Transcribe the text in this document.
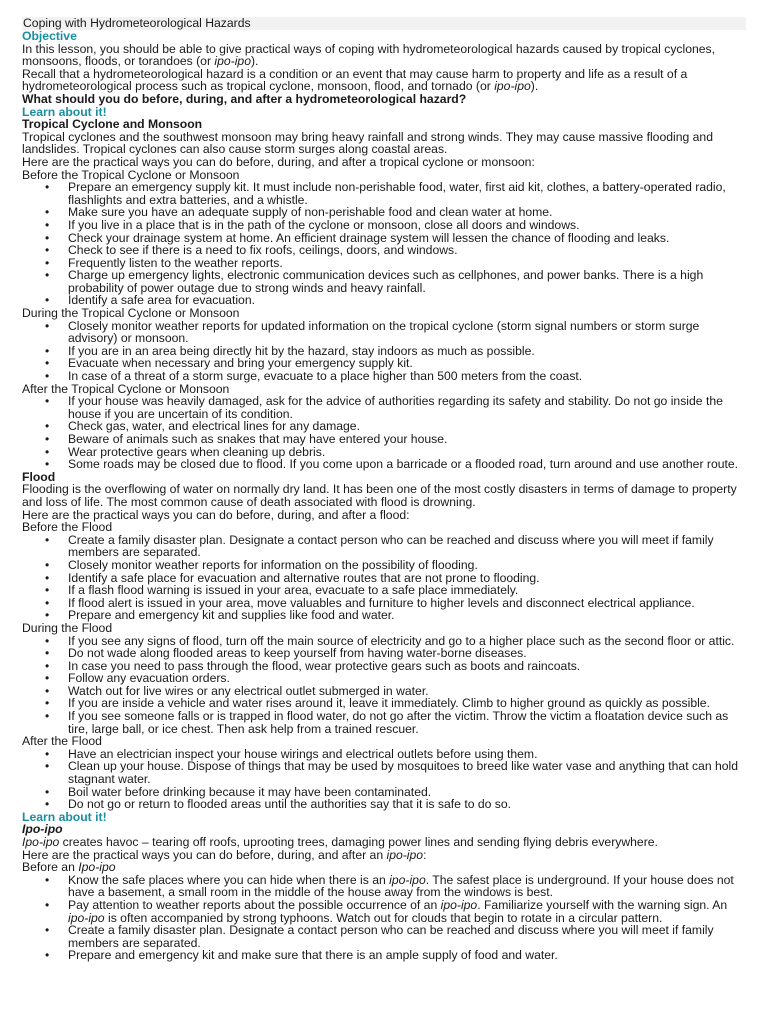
Coping with Hydrometeorological Hazards

Objective

In this lesson, you should be able to give practical ways of coping with hydrometeorological hazards caused by tropical cyclones, monsoons, floods, or torandoes (or ipo-ipo).

Recall that a hydrometeorological hazard is a condition or an event that may cause harm to property and life as a result of a hydrometeorological process such as tropical cyclone, monsoon, flood, and tornado (or ipo-ipo).

What should you do before, during, and after a hydrometeorological hazard?

Learn about it!

Tropical Cyclone and Monsoon

Tropical cyclones and the southwest monsoon may bring heavy rainfall and strong winds. They may cause massive flooding and landslides. Tropical cyclones can also cause storm surges along coastal areas.

Here are the practical ways you can do before, during, and after a tropical cyclone or monsoon:

Before the Tropical Cyclone or Monsoon

• Prepare an emergency supply kit. It must include non-perishable food, water, first aid kit, clothes, a battery-operated radio, flashlights and extra batteries, and a whistle.
• Make sure you have an adequate supply of non-perishable food and clean water at home.
• If you live in a place that is in the path of the cyclone or monsoon, close all doors and windows.
• Check your drainage system at home. An efficient drainage system will lessen the chance of flooding and leaks.
• Check to see if there is a need to fix roofs, ceilings, doors, and windows.
• Frequently listen to the weather reports.
• Charge up emergency lights, electronic communication devices such as cellphones, and power banks. There is a high probability of power outage due to strong winds and heavy rainfall.
• Identify a safe area for evacuation.

During the Tropical Cyclone or Monsoon

• Closely monitor weather reports for updated information on the tropical cyclone (storm signal numbers or storm surge advisory) or monsoon.
• If you are in an area being directly hit by the hazard, stay indoors as much as possible.
• Evacuate when necessary and bring your emergency supply kit.
• In case of a threat of a storm surge, evacuate to a place higher than 500 meters from the coast.

After the Tropical Cyclone or Monsoon

• If your house was heavily damaged, ask for the advice of authorities regarding its safety and stability. Do not go inside the house if you are uncertain of its condition.
• Check gas, water, and electrical lines for any damage.
• Beware of animals such as snakes that may have entered your house.
• Wear protective gears when cleaning up debris.
• Some roads may be closed due to flood. If you come upon a barricade or a flooded road, turn around and use another route.

Flood

Flooding is the overflowing of water on normally dry land. It has been one of the most costly disasters in terms of damage to property and loss of life. The most common cause of death associated with flood is drowning.

Here are the practical ways you can do before, during, and after a flood:

Before the Flood

• Create a family disaster plan. Designate a contact person who can be reached and discuss where you will meet if family members are separated.
• Closely monitor weather reports for information on the possibility of flooding.
• Identify a safe place for evacuation and alternative routes that are not prone to flooding.
• If a flash flood warning is issued in your area, evacuate to a safe place immediately.
• If flood alert is issued in your area, move valuables and furniture to higher levels and disconnect electrical appliance.
• Prepare and emergency kit and supplies like food and water.

During the Flood

• If you see any signs of flood, turn off the main source of electricity and go to a higher place such as the second floor or attic.
• Do not wade along flooded areas to keep yourself from having water-borne diseases.
• In case you need to pass through the flood, wear protective gears such as boots and raincoats.
• Follow any evacuation orders.
• Watch out for live wires or any electrical outlet submerged in water.
• If you are inside a vehicle and water rises around it, leave it immediately. Climb to higher ground as quickly as possible.
• If you see someone falls or is trapped in flood water, do not go after the victim. Throw the victim a floatation device such as tire, large ball, or ice chest. Then ask help from a trained rescuer.

After the Flood

• Have an electrician inspect your house wirings and electrical outlets before using them.
• Clean up your house. Dispose of things that may be used by mosquitoes to breed like water vase and anything that can hold stagnant water.
• Boil water before drinking because it may have been contaminated.
• Do not go or return to flooded areas until the authorities say that it is safe to do so.

Learn about it!

Ipo-ipo

Ipo-ipo creates havoc – tearing off roofs, uprooting trees, damaging power lines and sending flying debris everywhere.

Here are the practical ways you can do before, during, and after an ipo-ipo:

Before an Ipo-ipo

• Know the safe places where you can hide when there is an ipo-ipo. The safest place is underground. If your house does not have a basement, a small room in the middle of the house away from the windows is best.
• Pay attention to weather reports about the possible occurrence of an ipo-ipo. Familiarize yourself with the warning sign. An ipo-ipo is often accompanied by strong typhoons. Watch out for clouds that begin to rotate in a circular pattern.
• Create a family disaster plan. Designate a contact person who can be reached and discuss where you will meet if family members are separated.
• Prepare and emergency kit and make sure that there is an ample supply of food and water.
